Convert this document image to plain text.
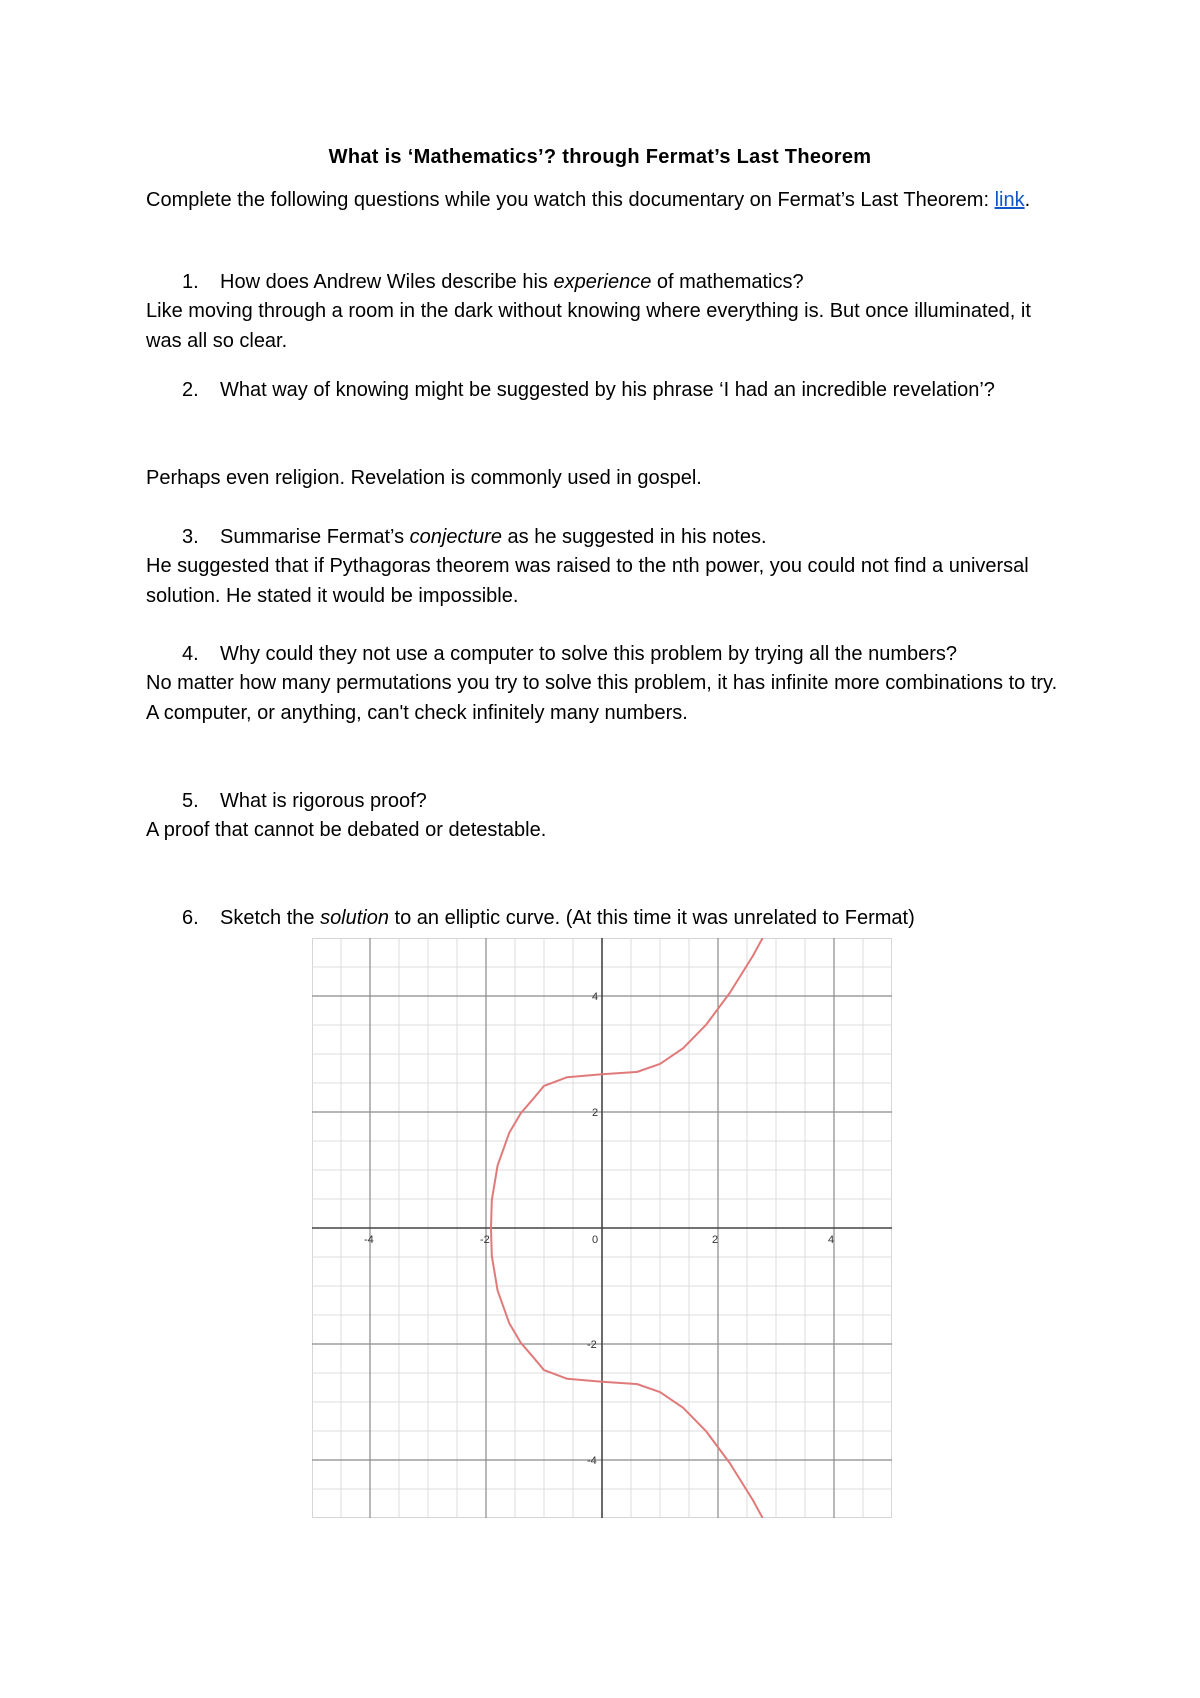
What is ‘Mathematics’? through Fermat’s Last Theorem

Complete the following questions while you watch this documentary on Fermat’s Last Theorem: link.

1. How does Andrew Wiles describe his experience of mathematics?

Like moving through a room in the dark without knowing where everything is. But once illuminated, it was all so clear.

2. What way of knowing might be suggested by his phrase ‘I had an incredible revelation’?

Perhaps even religion. Revelation is commonly used in gospel.

3. Summarise Fermat’s conjecture as he suggested in his notes.

He suggested that if Pythagoras theorem was raised to the nth power, you could not find a universal solution. He stated it would be impossible.

4. Why could they not use a computer to solve this problem by trying all the numbers?

No matter how many permutations you try to solve this problem, it has infinite more combinations to try. A computer, or anything, can't check infinitely many numbers.

5. What is rigorous proof?

A proof that cannot be debated or detestable.

6. Sketch the solution to an elliptic curve. (At this time it was unrelated to Fermat)
-4	-2	0	2	4
4
2
-2
-4
